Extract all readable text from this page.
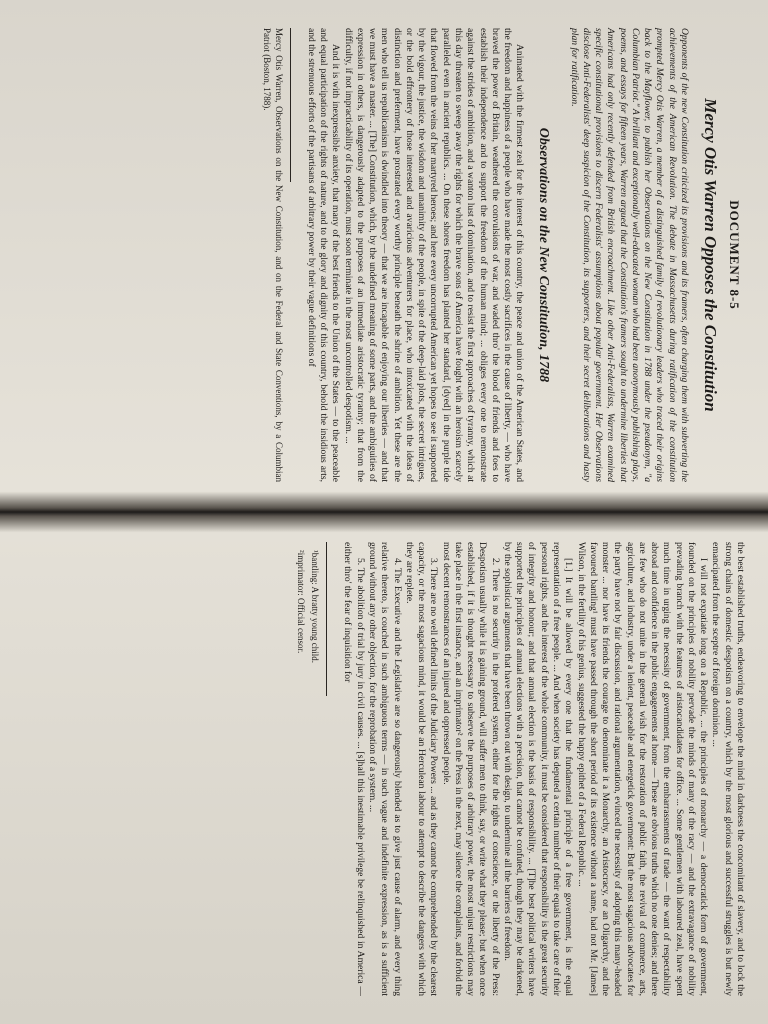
DOCUMENT 8-5
Mercy Otis Warren Opposes the Constitution

Opponents of the new Constitution criticized its provisions and its framers, often charging them with subverting the achievements of the American Revolution. The debate in Massachusetts during ratification of the constitution prompted Mercy Otis Warren, a member of a distinguished family of revolutionary leaders who traced their origins back to the Mayflower, to publish her Observations on the New Constitution in 1788 under the pseudonym, "a Columbian Patriot." A brilliant and exceptionally well-educated woman who had been anonymously publishing plays, poems, and essays for fifteen years, Warren argued that the Constitution's framers sought to undermine liberties that Americans had only recently defended from British encroachment. Like other Anti-Federalists, Warren examined specific constitutional provisions to discern Federalists' assumptions about popular government. Her Observations disclose Anti-Federalists' deep suspicion of the Constitution, its supporters, and their secret deliberations and hasty plan for ratification.

Observations on the New Constitution, 1788

Animated with the firmest zeal for the interest of this country, the peace and union of the American States, and the freedom and happiness of a people who have made the most costly sacrifices in the cause of liberty, — who have braved the power of Britain, weathered the convulsions of war, and waded thro' the blood of friends and foes to establish their independence and to support the freedom of the human mind; ... obliges every one to remonstrate against the strides of ambition, and a wanton lust of domination, and to resist the first approaches of tyranny, which at this day threaten to sweep away the rights for which the brave sons of America have fought with an heroism scarcely paralleled even in ancient republics. ... On these shores freedom has planted her standard, [dyed] in the purple tide that flowed from the veins of her martyred heroes; and here every uncorrupted American yet hopes to see it supported by the vigour, the justice, the wisdom and unanimity of the people, in spite of the deep-laid plots, the secret intrigues, or the bold effrontery of those interested and avaricious adventurers for place, who intoxicated with the ideas of distinction and preferment, have prostrated every worthy principle beneath the shrine of ambition. Yet these are the men who tell us republicanism is dwindled into theory — that we are incapable of enjoying our liberties — and that we must have a master. ... [The] Constitution, which, by the undefined meaning of some parts, and the ambiguities of expression in others, is dangerously adapted to the purposes of an immediate aristocratic tyranny; that from the difficulty, if not impracticability of its operation, must soon terminate in the most uncontrolled despotism. ...

And it is with inexpressible anxiety, that many of the best friends to the Union of the States — to the peaceable and equal participation of the rights of nature, and to the glory and dignity of this country, behold the insidious arts, and the strenuous efforts of the partisans of arbitrary power by their vague definitions of

Mercy Otis Warren, Observations on the New Constitution, and on the Federal and State Conventions, by a Columbian Patriot (Boston, 1788).

the best established truths, endeavoring to envelope the mind in darkness the concomitant of slavery, and to lock the strong chains of domestic despotism on a country, which by the most glorious and successful struggles is but newly emancipated from the sceptre of foreign dominion. ...

I will not expatiate long on a Republic, ... the principles of monarchy — a democratick form of government, founded on the principles of nobility pervade the minds of many of the racy — and the extravagance of nobility prevading branch with the features of aristocandidates for office. ... Some gentlemen with laboured zeal, have spent much time in urging the necessity of government, from the embarrassments of trade — the want of respectability abroad and confidence in the public engagements at home — These are obvious truths which no one denies; and there are few who do not unite in the general wish for the restoration of public faith, the revival of commerce, arts, agriculture, and industry, under a lenient, peaceable and energetick government: But the most sagacious advocates for the party have not by fair discussion, and rational argumentation, evinced the necessity of adopting this many-headed monster ... nor have its friends the courage to denominate it a Monarchy, an Aristocracy, or an Oligarchy, and the favoured bantling¹ must have passed through the short period of its existence without a name, had not Mr. [James] Wilson, in the fertility of his genius, suggested the happy epithet of a Federal Republic. ...

[1.] It will be allowed by every one that the fundamental principle of a free government, is the equal representation of a free people. ... And when society has deputed a certain number of their equals to take care of their personal rights, and the interest of the whole community, it must be considered that responsibility is the great security of integrity and honour; and that annual election is the basis of responsibility. ... [T]he best political writers have supported the principles of annual elections with a precision, that cannot be confuted, though they may be darkened, by the sophistical arguments that have been thrown out with design, to undermine all the barriers of freedom.

2. There is no security in the profered system, either for the rights of conscience, or the liberty of the Press: Despotism usually while it is gaining ground, will suffer men to think, say, or write what they please; but when once established, if it is thought necessary to subserve the purposes of arbitrary power, the most unjust restrictions may take place in the first instance, and an imprimator² on the Press in the next, may silence the complaints, and forbid the most decent remonstrances of an injured and oppressed people.

3. There are no well defined limits of the Judiciary Powers ... and as they cannot be comprehended by the clearest capacity, or the most sagacious mind, it would be an Herculean labour to attempt to describe the dangers with which they are replete.

4. The Executive and the Legislative are so dangerously blended as to give just cause of alarm, and every thing relative thereto, is couched in such ambiguous terms — in such vague and indefinite expression, as is a sufficient ground without any other objection, for the reprobation of a system. ...

5. The abolition of trial by jury in civil causes. ... [s]hall this inestimable privilege be relinquished in America — either thro' the fear of inquisition for

¹bantling: A bratty young child.

²imprimator: Official censor.
